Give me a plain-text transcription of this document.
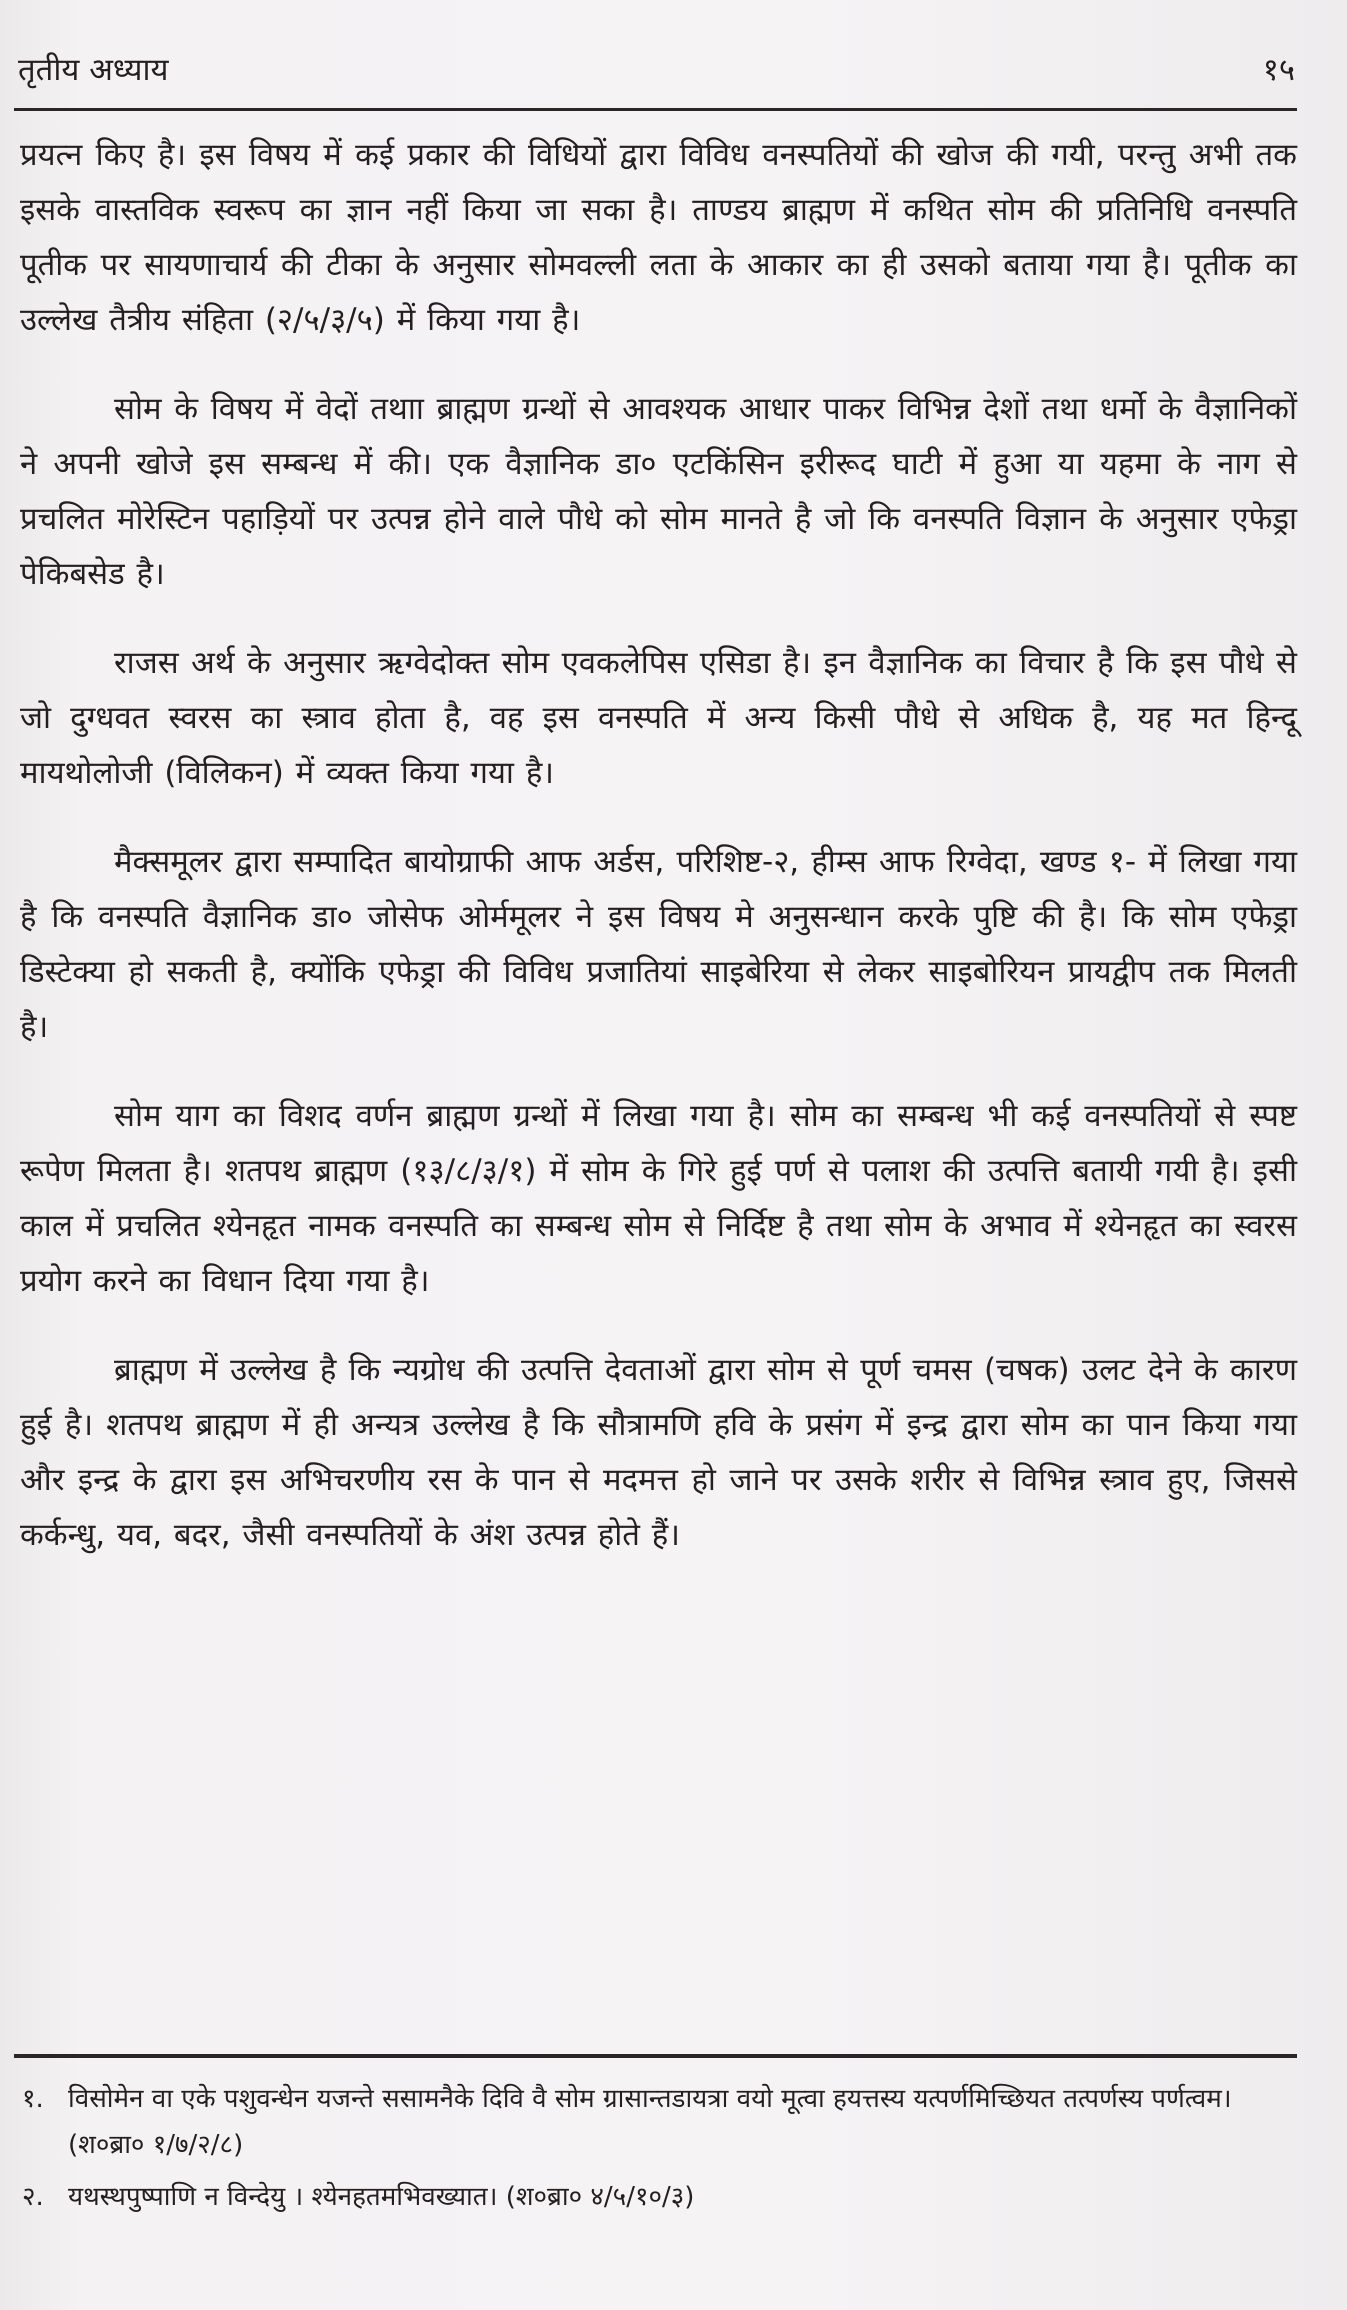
तृतीय अध्याय	१५

प्रयत्न किए है। इस विषय में कई प्रकार की विधियों द्वारा विविध वनस्पतियों की खोज की गयी, परन्तु अभी तक इसके वास्तविक स्वरूप का ज्ञान नहीं किया जा सका है। ताण्डय ब्राह्मण में कथित सोम की प्रतिनिधि वनस्पति पूतीक पर सायणाचार्य की टीका के अनुसार सोमवल्ली लता के आकार का ही उसको बताया गया है। पूतीक का उल्लेख तैत्रीय संहिता (२/५/३/५) में किया गया है।

सोम के विषय में वेदों तथाा ब्राह्मण ग्रन्थों से आवश्यक आधार पाकर विभिन्न देशों तथा धर्मो के वैज्ञानिकों ने अपनी खोजे इस सम्बन्ध में की। एक वैज्ञानिक डा० एटकिंसिन इरीरूद घाटी में हुआ या यहमा के नाग से प्रचलित मोरेस्टिन पहाड़ियों पर उत्पन्न होने वाले पौधे को सोम मानते है जो कि वनस्पति विज्ञान के अनुसार एफेड्रा पेकिबसेड है।

राजस अर्थ के अनुसार ऋग्वेदोक्त सोम एवकलेपिस एसिडा है। इन वैज्ञानिक का विचार है कि इस पौधे से जो दुग्धवत स्वरस का स्त्राव होता है, वह इस वनस्पति में अन्य किसी पौधे से अधिक है, यह मत हिन्दू मायथोलोजी (विलिकन) में व्यक्त किया गया है।

मैक्समूलर द्वारा सम्पादित बायोग्राफी आफ अर्डस, परिशिष्ट-२, हीम्स आफ रिग्वेदा, खण्ड १- में लिखा गया है कि वनस्पति वैज्ञानिक डा० जोसेफ ओर्ममूलर ने इस विषय मे अनुसन्धान करके पुष्टि की है। कि सोम एफेड्रा डिस्टेक्या हो सकती है, क्योंकि एफेड्रा की विविध प्रजातियां साइबेरिया से लेकर साइबोरियन प्रायद्वीप तक मिलती है।

सोम याग का विशद वर्णन ब्राह्मण ग्रन्थों में लिखा गया है। सोम का सम्बन्ध भी कई वनस्पतियों से स्पष्ट रूपेण मिलता है। शतपथ ब्राह्मण (१३/८/३/१) में सोम के गिरे हुई पर्ण से पलाश की उत्पत्ति बतायी गयी है। इसी काल में प्रचलित श्येनहृत नामक वनस्पति का सम्बन्ध सोम से निर्दिष्ट है तथा सोम के अभाव में श्येनहृत का स्वरस प्रयोग करने का विधान दिया गया है।

ब्राह्मण में उल्लेख है कि न्यग्रोध की उत्पत्ति देवताओं द्वारा सोम से पूर्ण चमस (चषक) उलट देने के कारण हुई है। शतपथ ब्राह्मण में ही अन्यत्र उल्लेख है कि सौत्रामणि हवि के प्रसंग में इन्द्र द्वारा सोम का पान किया गया और इन्द्र के द्वारा इस अभिचरणीय रस के पान से मदमत्त हो जाने पर उसके शरीर से विभिन्न स्त्राव हुए, जिससे कर्कन्धु, यव, बदर, जैसी वनस्पतियों के अंश उत्पन्न होते हैं।

१. विसोमेन वा एके पशुवन्धेन यजन्ते ससामनैके दिवि वै सोम ग्रासान्तडायत्रा वयो मूत्वा हयत्तस्य यत्पर्णमिच्छियत तत्पर्णस्य पर्णत्वम। (श०ब्रा० १/७/२/८)
२. यथस्थपुष्पाणि न विन्देयु । श्येनहतमभिवख्यात। (श०ब्रा० ४/५/१०/३)
